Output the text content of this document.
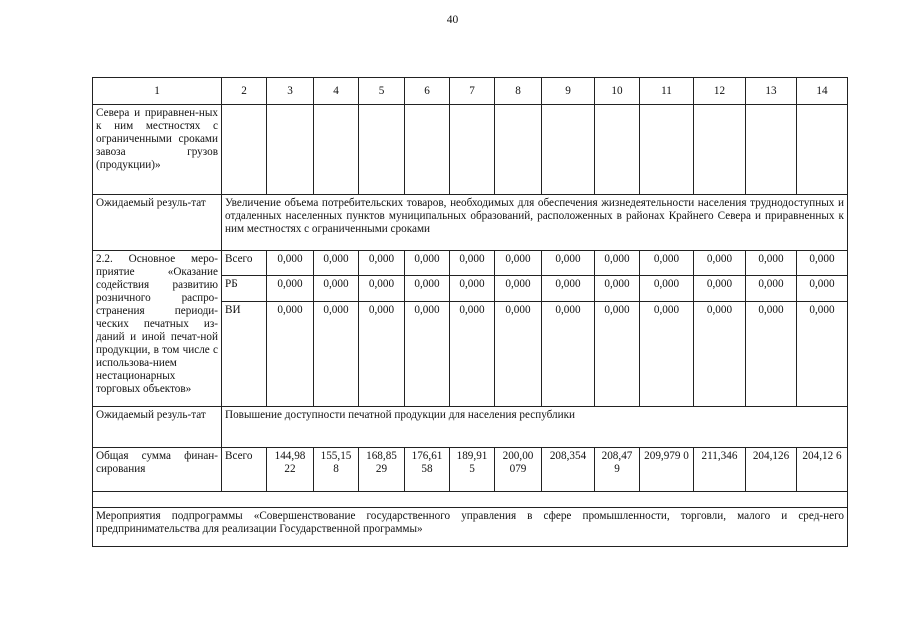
40
1	2	3	4	5	6	7	8	9	10	11	12	13	14
Севера и приравнен-ных к ним местностях с ограниченными сроками завоза грузов (продукции)»													
Ожидаемый резуль-тат	Увеличение объема потребительских товаров, необходимых для обеспечения жизнедеятельности населения труднодоступных и отдаленных населенных пунктов муниципальных образований, расположенных в районах Крайнего Севера и приравненных к ним местностях с ограниченными сроками												
2.2. Основное меро-приятие «Оказание содействия развитию розничного распро-странения периоди-ческих печатных из-даний и иной печат-ной продукции, в том числе с использова-нием нестационарных торговых объектов»	Всего	0,000	0,000	0,000	0,000	0,000	0,000	0,000	0,000	0,000	0,000	0,000	0,000
	РБ	0,000	0,000	0,000	0,000	0,000	0,000	0,000	0,000	0,000	0,000	0,000	0,000
	ВИ	0,000	0,000	0,000	0,000	0,000	0,000	0,000	0,000	0,000	0,000	0,000	0,000
Ожидаемый резуль-тат	Повышение доступности печатной продукции для населения республики												
Общая сумма финан-сирования	Всего	144,98 22	155,15 8	168,85 29	176,61 58	189,91 5	200,00 079	208,354	208,47 9	209,979 0	211,346	204,126	204,12 6

Мероприятия подпрограммы «Совершенствование государственного управления в сфере промышленности, торговли, малого и сред-него предпринимательства для реализации Государственной программы»													
